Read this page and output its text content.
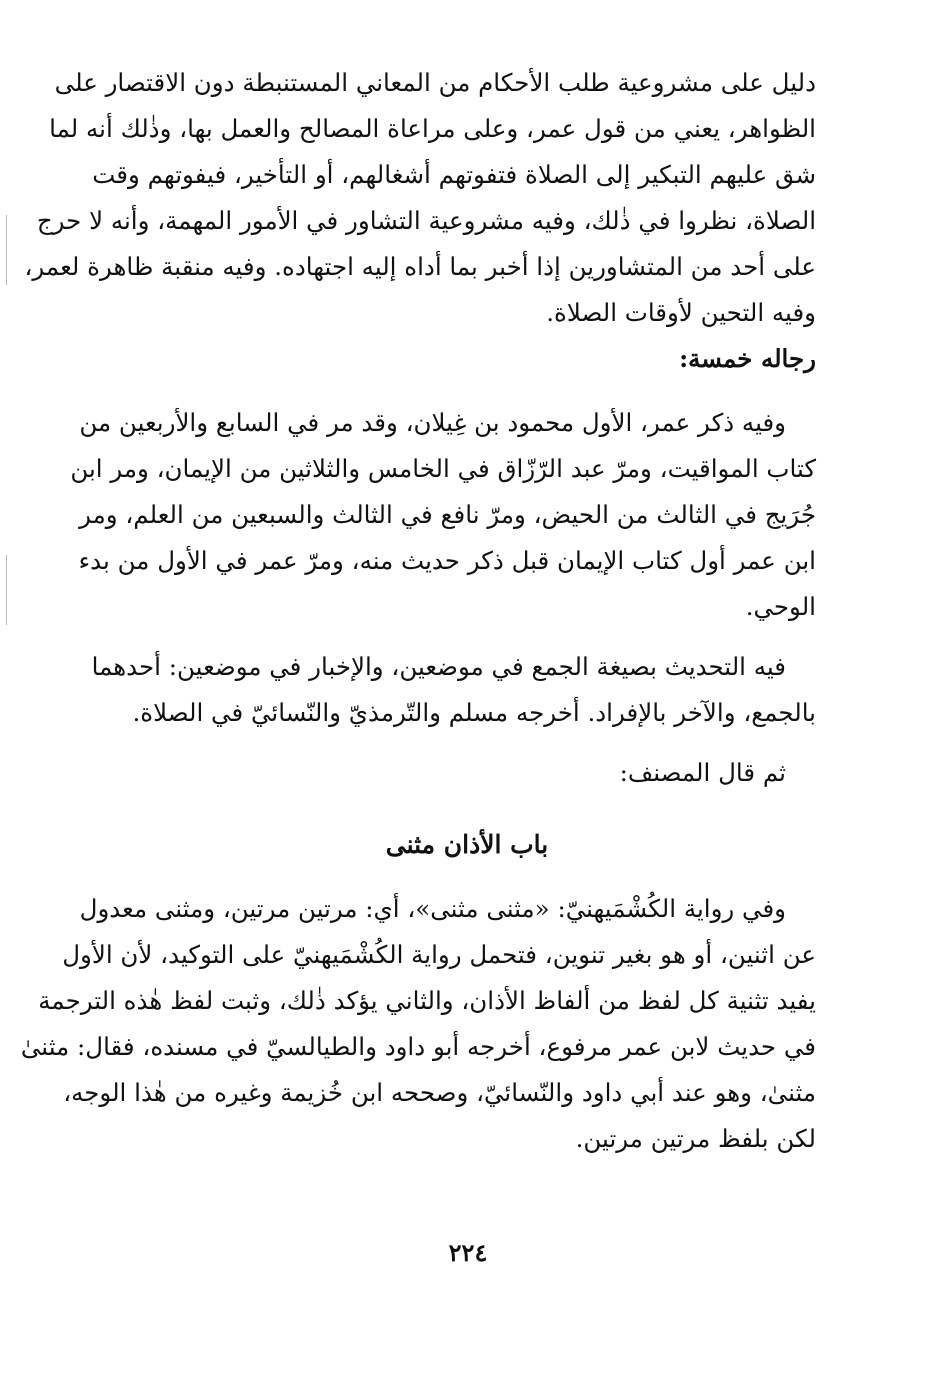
دليل على مشروعية طلب الأحكام من المعاني المستنبطة دون الاقتصار على
الظواهر، يعني من قول عمر، وعلى مراعاة المصالح والعمل بها، وذٰلك أنه لما
شق عليهم التبكير إلى الصلاة فتفوتهم أشغالهم، أو التأخير، فيفوتهم وقت
الصلاة، نظروا في ذٰلك، وفيه مشروعية التشاور في الأمور المهمة، وأنه لا حرج
على أحد من المتشاورين إذا أخبر بما أداه إليه اجتهاده. وفيه منقبة ظاهرة لعمر،
وفيه التحين لأوقات الصلاة.
رجاله خمسة:
وفيه ذكر عمر، الأول محمود بن غِيلان، وقد مر في السابع والأربعين من
كتاب المواقيت، ومرّ عبد الرّزّاق في الخامس والثلاثين من الإيمان، ومر ابن
جُرَيج في الثالث من الحيض، ومرّ نافع في الثالث والسبعين من العلم، ومر
ابن عمر أول كتاب الإيمان قبل ذكر حديث منه، ومرّ عمر في الأول من بدء
الوحي.
فيه التحديث بصيغة الجمع في موضعين، والإخبار في موضعين: أحدهما
بالجمع، والآخر بالإفراد. أخرجه مسلم والتّرمذيّ والنّسائيّ في الصلاة.
ثم قال المصنف:
باب الأذان مثنى
وفي رواية الكُشْمَيهنيّ: «مثنى مثنى»، أي: مرتين مرتين، ومثنى معدول
عن اثنين، أو هو بغير تنوين، فتحمل رواية الكُشْمَيهنيّ على التوكيد، لأن الأول
يفيد تثنية كل لفظ من ألفاظ الأذان، والثاني يؤكد ذٰلك، وثبت لفظ هٰذه الترجمة
في حديث لابن عمر مرفوع، أخرجه أبو داود والطيالسيّ في مسنده، فقال: مثنىٰ
مثنىٰ، وهو عند أبي داود والنّسائيّ، وصححه ابن خُزيمة وغيره من هٰذا الوجه،
لكن بلفظ مرتين مرتين.
٢٢٤
